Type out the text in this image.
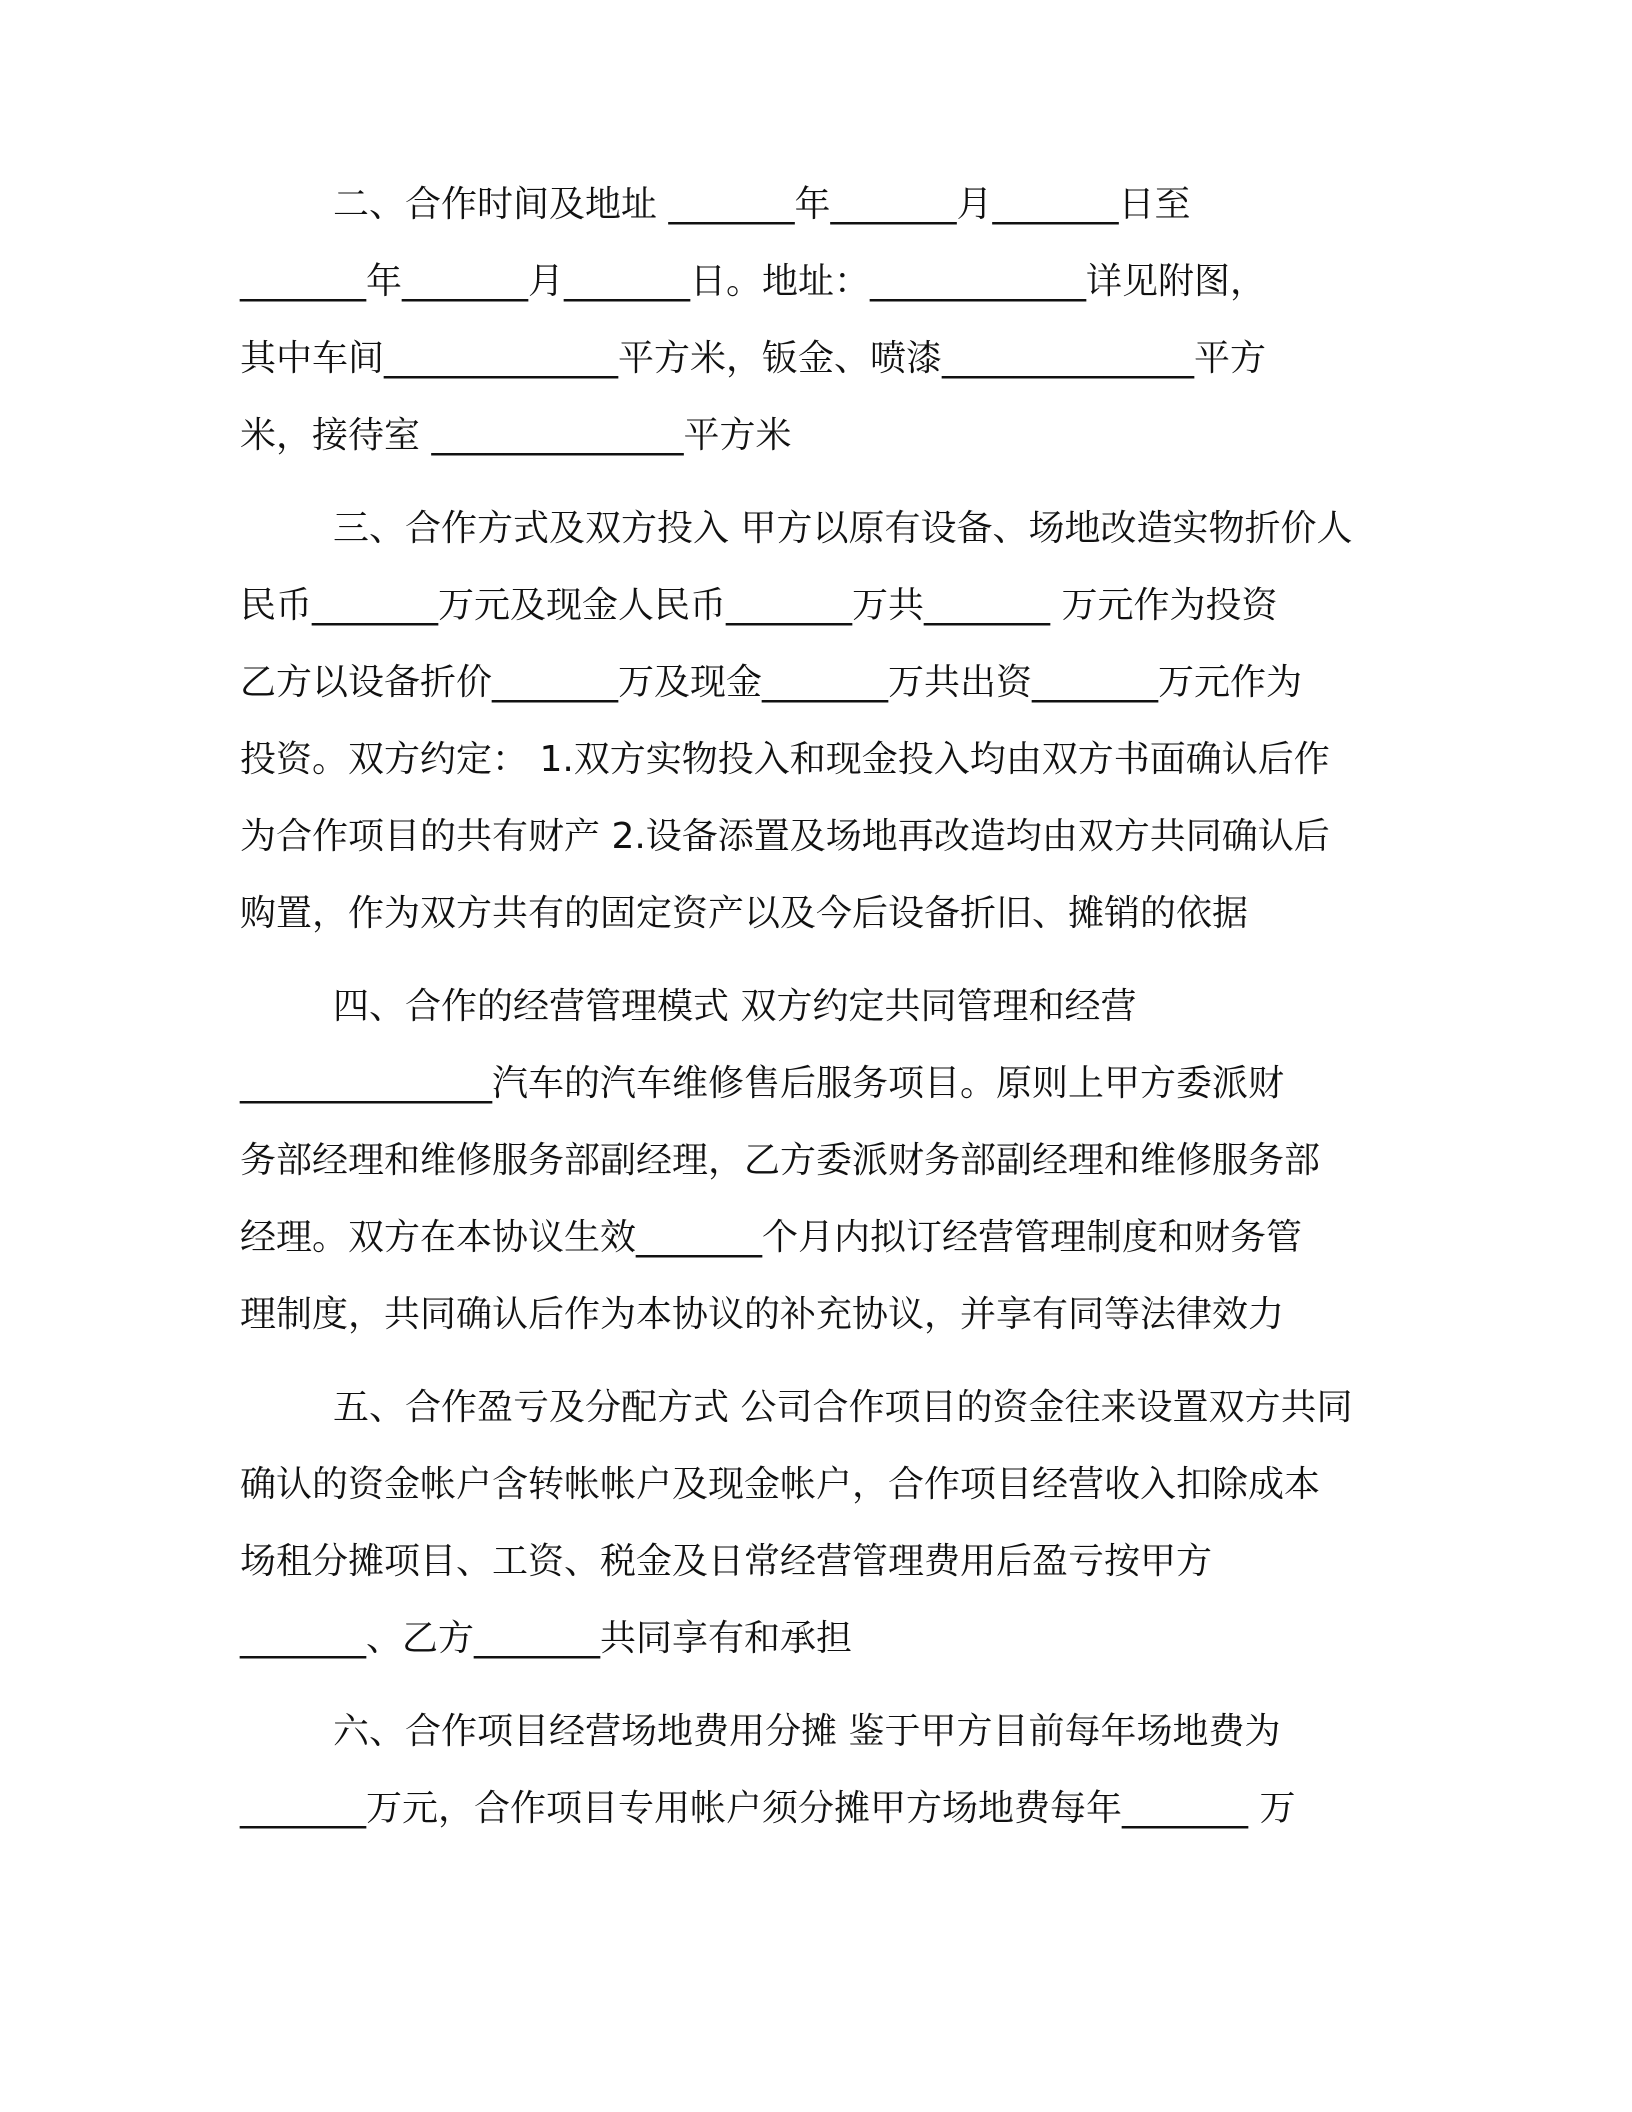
二、合作时间及地址 _______年_______月_______日至
_______年_______月_______日。地址：____________详见附图，
其中车间_____________平方米，钣金、喷漆______________平方
米，接待室 ______________平方米
三、合作方式及双方投入 甲方以原有设备、场地改造实物折价人
民币_______万元及现金人民币_______万共_______ 万元作为投资
乙方以设备折价_______万及现金_______万共出资_______万元作为
投资。双方约定： 1.双方实物投入和现金投入均由双方书面确认后作
为合作项目的共有财产 2.设备添置及场地再改造均由双方共同确认后
购置，作为双方共有的固定资产以及今后设备折旧、摊销的依据
四、合作的经营管理模式 双方约定共同管理和经营
______________汽车的汽车维修售后服务项目。原则上甲方委派财
务部经理和维修服务部副经理，乙方委派财务部副经理和维修服务部
经理。双方在本协议生效_______个月内拟订经营管理制度和财务管
理制度，共同确认后作为本协议的补充协议，并享有同等法律效力
五、合作盈亏及分配方式 公司合作项目的资金往来设置双方共同
确认的资金帐户含转帐帐户及现金帐户，合作项目经营收入扣除成本
场租分摊项目、工资、税金及日常经营管理费用后盈亏按甲方
_______、乙方_______共同享有和承担
六、合作项目经营场地费用分摊 鉴于甲方目前每年场地费为
_______万元，合作项目专用帐户须分摊甲方场地费每年_______ 万
